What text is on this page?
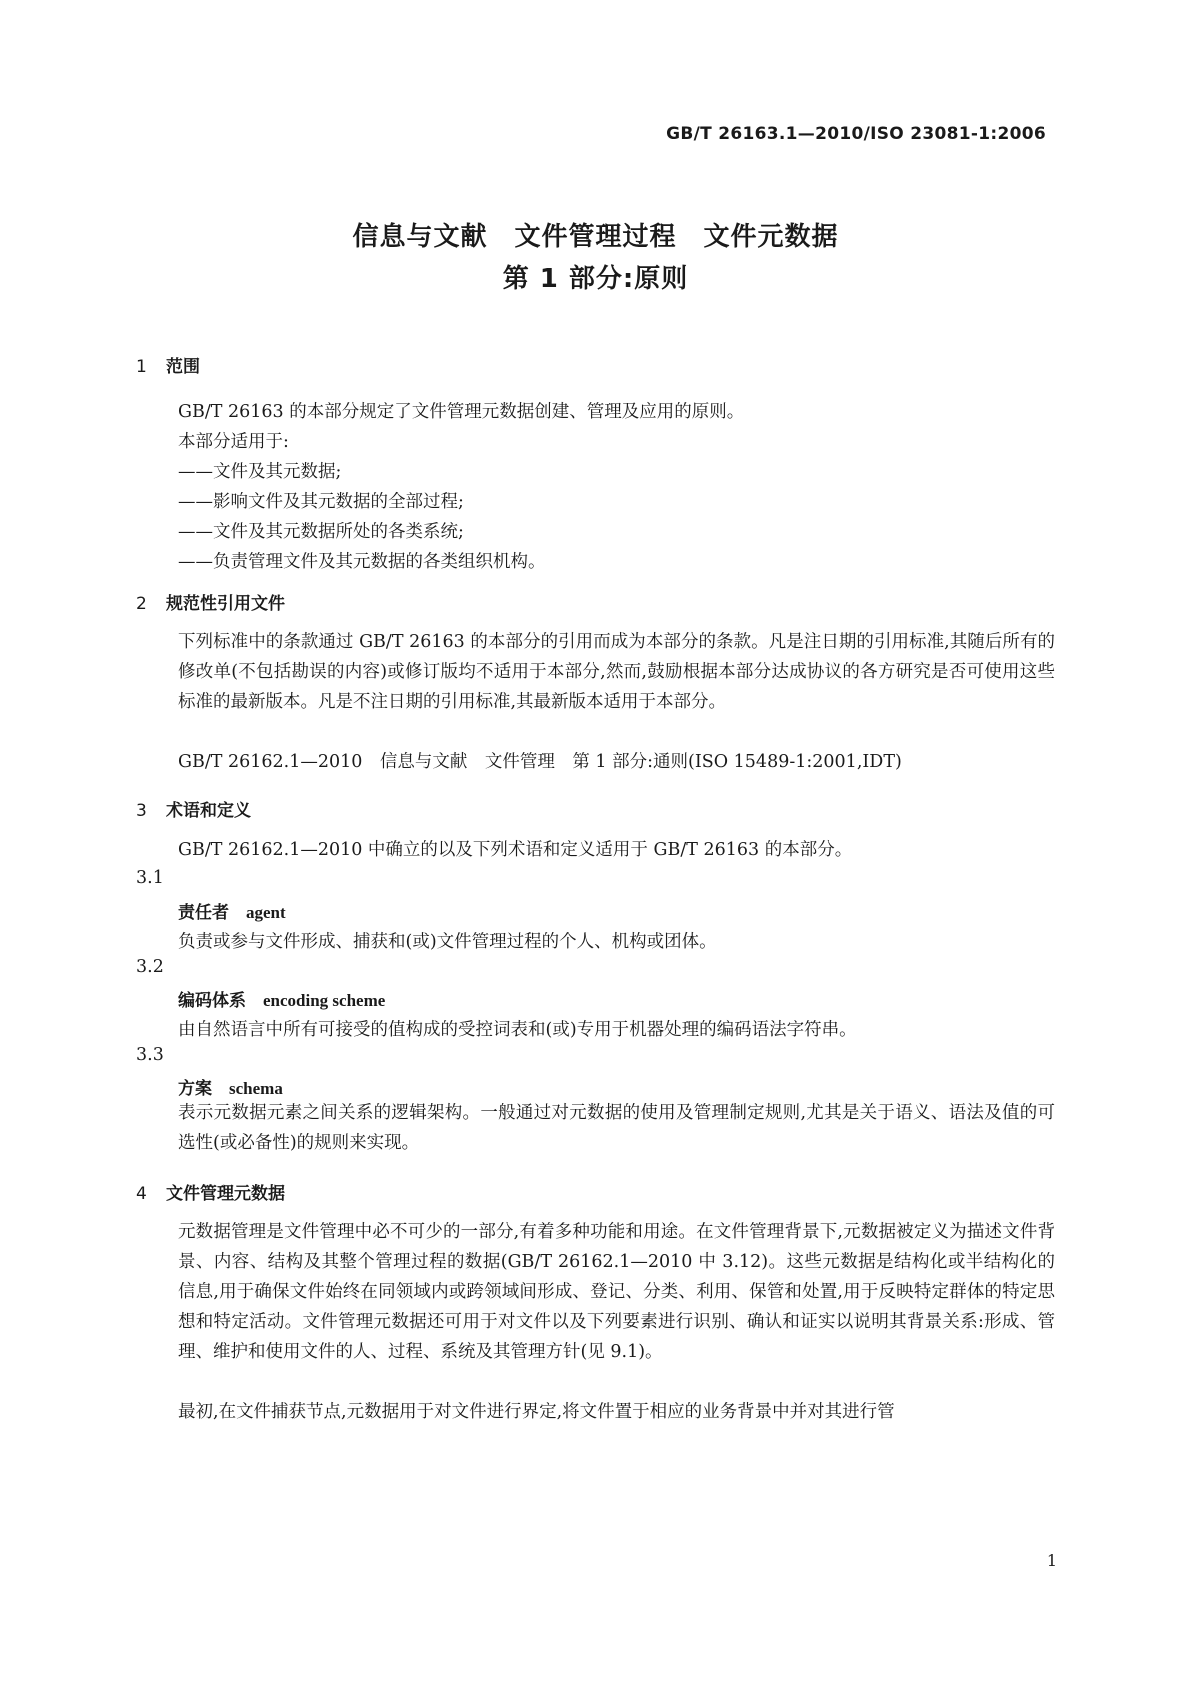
GB/T 26163.1—2010/ISO 23081-1:2006
信息与文献　文件管理过程　文件元数据
第 1 部分:原则
1 范围
GB/T 26163 的本部分规定了文件管理元数据创建、管理及应用的原则。
本部分适用于:
——文件及其元数据;
——影响文件及其元数据的全部过程;
——文件及其元数据所处的各类系统;
——负责管理文件及其元数据的各类组织机构。
2 规范性引用文件
下列标准中的条款通过 GB/T 26163 的本部分的引用而成为本部分的条款。凡是注日期的引用标准,其随后所有的修改单(不包括勘误的内容)或修订版均不适用于本部分,然而,鼓励根据本部分达成协议的各方研究是否可使用这些标准的最新版本。凡是不注日期的引用标准,其最新版本适用于本部分。
GB/T 26162.1—2010　信息与文献　文件管理　第 1 部分:通则(ISO 15489-1:2001,IDT)
3 术语和定义
GB/T 26162.1—2010 中确立的以及下列术语和定义适用于 GB/T 26163 的本部分。
3.1
责任者　 agent
负责或参与文件形成、捕获和(或)文件管理过程的个人、机构或团体。
3.2
编码体系　 encoding scheme
由自然语言中所有可接受的值构成的受控词表和(或)专用于机器处理的编码语法字符串。
3.3
方案　 schema
表示元数据元素之间关系的逻辑架构。一般通过对元数据的使用及管理制定规则,尤其是关于语义、语法及值的可选性(或必备性)的规则来实现。
4 文件管理元数据
元数据管理是文件管理中必不可少的一部分,有着多种功能和用途。在文件管理背景下,元数据被定义为描述文件背景、内容、结构及其整个管理过程的数据(GB/T 26162.1—2010 中 3.12)。这些元数据是结构化或半结构化的信息,用于确保文件始终在同领域内或跨领域间形成、登记、分类、利用、保管和处置,用于反映特定群体的特定思想和特定活动。文件管理元数据还可用于对文件以及下列要素进行识别、确认和证实以说明其背景关系:形成、管理、维护和使用文件的人、过程、系统及其管理方针(见 9.1)。
最初,在文件捕获节点,元数据用于对文件进行界定,将文件置于相应的业务背景中并对其进行管
1
